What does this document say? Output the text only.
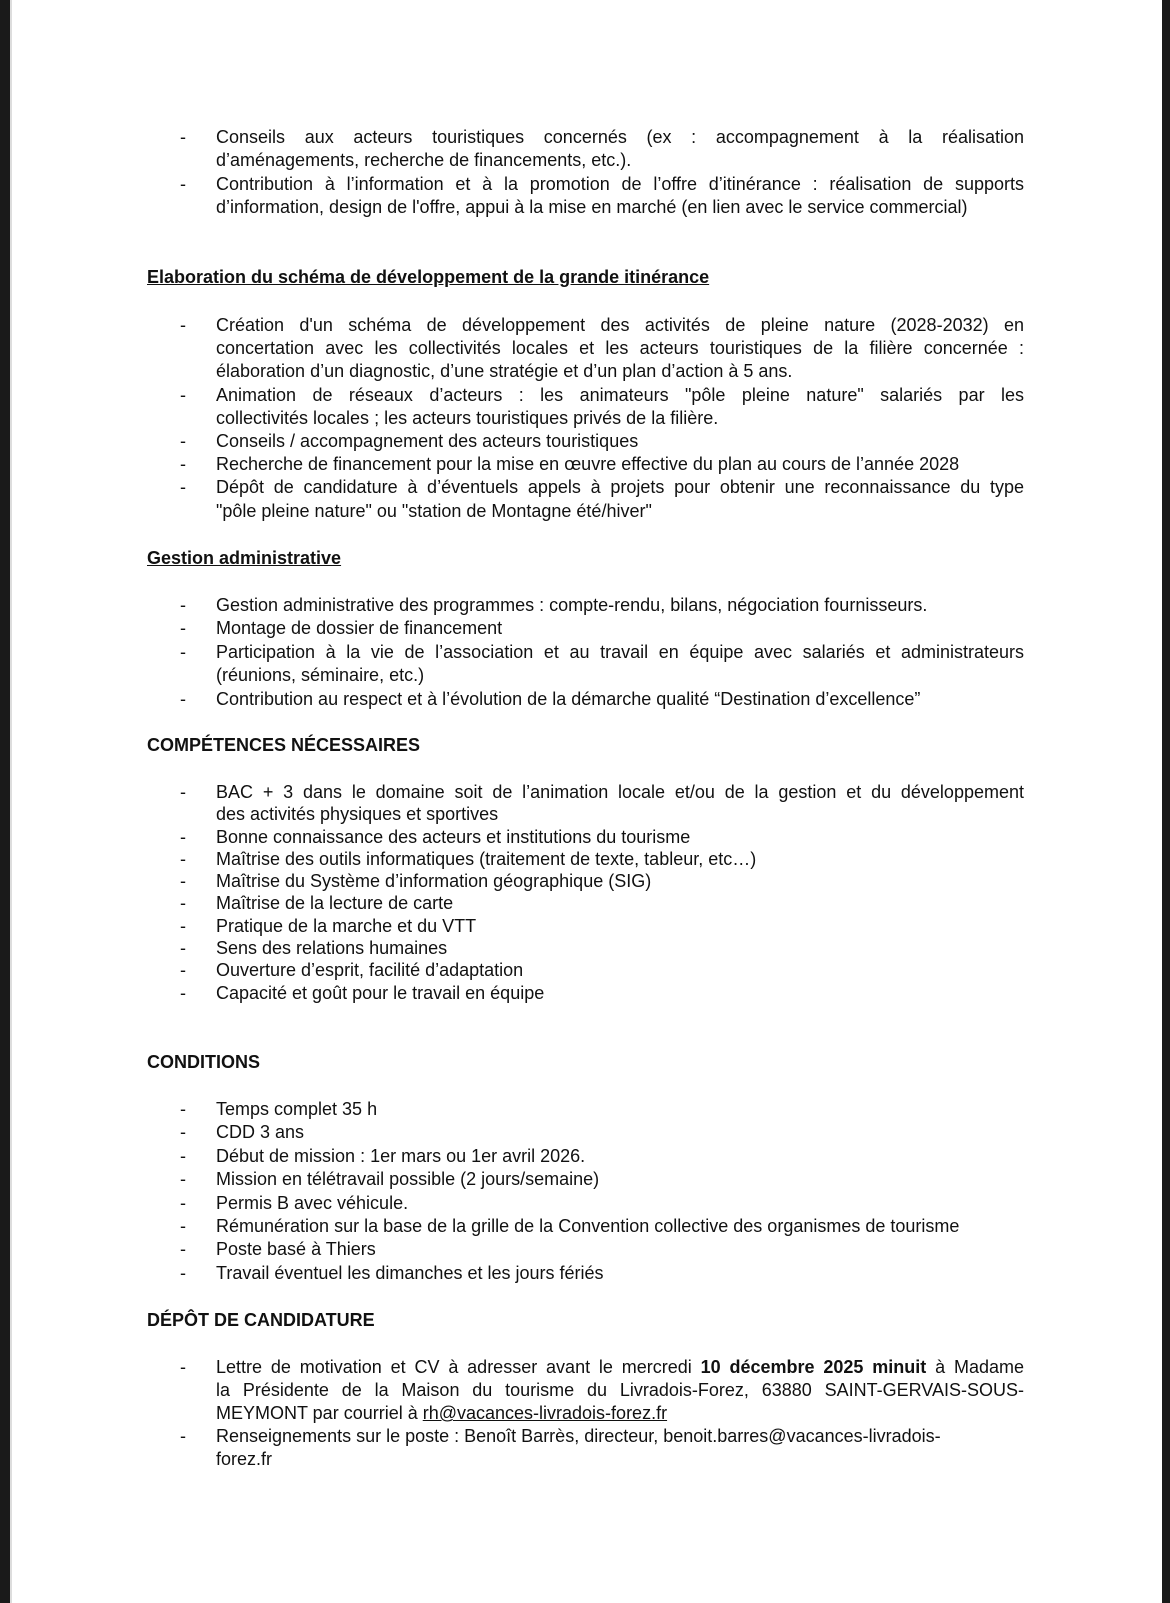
- Conseils aux acteurs touristiques concernés (ex : accompagnement à la réalisation
d’aménagements, recherche de financements, etc.).
- Contribution à l’information et à la promotion de l’offre d’itinérance : réalisation de supports
d’information, design de l'offre, appui à la mise en marché (en lien avec le service commercial)
Elaboration du schéma de développement de la grande itinérance
- Création d'un schéma de développement des activités de pleine nature (2028-2032) en
concertation avec les collectivités locales et les acteurs touristiques de la filière concernée :
élaboration d’un diagnostic, d’une stratégie et d’un plan d’action à 5 ans.
- Animation de réseaux d’acteurs : les animateurs "pôle pleine nature" salariés par les
collectivités locales ; les acteurs touristiques privés de la filière.
- Conseils / accompagnement des acteurs touristiques
- Recherche de financement pour la mise en œuvre effective du plan au cours de l’année 2028
- Dépôt de candidature à d’éventuels appels à projets pour obtenir une reconnaissance du type
"pôle pleine nature" ou "station de Montagne été/hiver"
Gestion administrative
- Gestion administrative des programmes : compte-rendu, bilans, négociation fournisseurs.
- Montage de dossier de financement
- Participation à la vie de l’association et au travail en équipe avec salariés et administrateurs
(réunions, séminaire, etc.)
- Contribution au respect et à l’évolution de la démarche qualité “Destination d’excellence”
COMPÉTENCES NÉCESSAIRES
- BAC + 3 dans le domaine soit de l’animation locale et/ou de la gestion et du développement
des activités physiques et sportives
- Bonne connaissance des acteurs et institutions du tourisme
- Maîtrise des outils informatiques (traitement de texte, tableur, etc…)
- Maîtrise du Système d’information géographique (SIG)
- Maîtrise de la lecture de carte
- Pratique de la marche et du VTT
- Sens des relations humaines
- Ouverture d’esprit, facilité d’adaptation
- Capacité et goût pour le travail en équipe
CONDITIONS
- Temps complet 35 h
- CDD 3 ans
- Début de mission : 1er mars ou 1er avril 2026.
- Mission en télétravail possible (2 jours/semaine)
- Permis B avec véhicule.
- Rémunération sur la base de la grille de la Convention collective des organismes de tourisme
- Poste basé à Thiers
- Travail éventuel les dimanches et les jours fériés
DÉPÔT DE CANDIDATURE
- Lettre de motivation et CV à adresser avant le mercredi 10 décembre 2025 minuit à Madame
la Présidente de la Maison du tourisme du Livradois-Forez, 63880 SAINT-GERVAIS-SOUS-
MEYMONT par courriel à rh@vacances-livradois-forez.fr
- Renseignements sur le poste : Benoît Barrès, directeur, benoit.barres@vacances-livradois-
forez.fr
